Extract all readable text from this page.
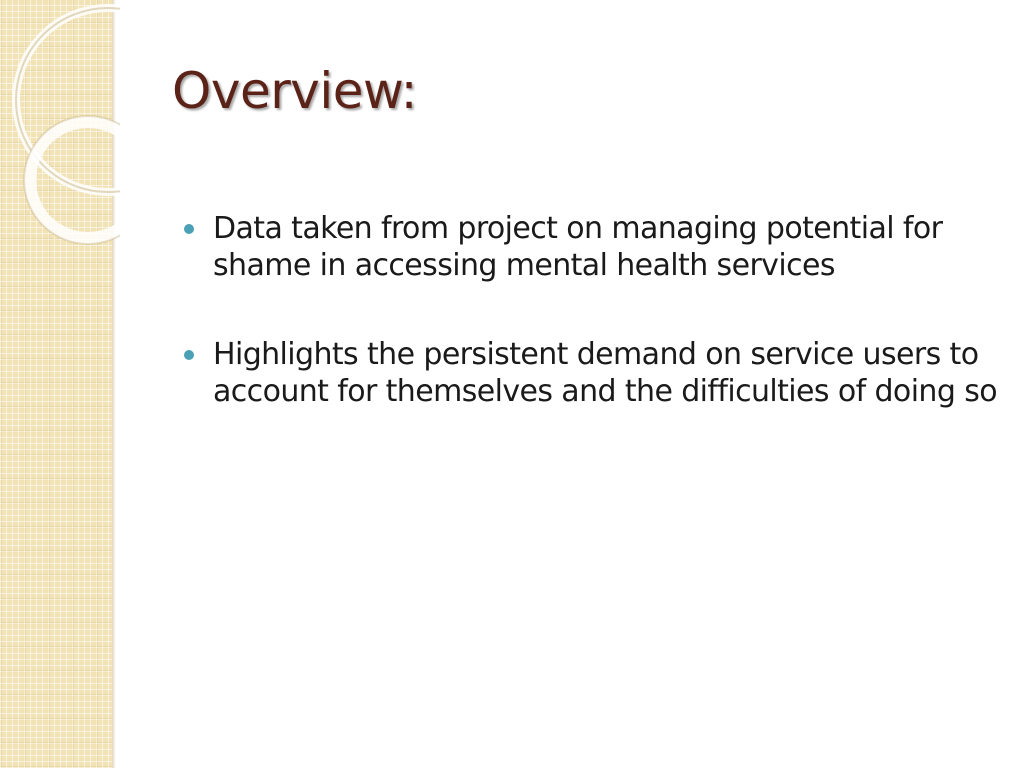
Overview:
Data taken from project on managing potential for shame in accessing mental health services
Highlights the persistent demand on service users to account for themselves and the difficulties of doing so
